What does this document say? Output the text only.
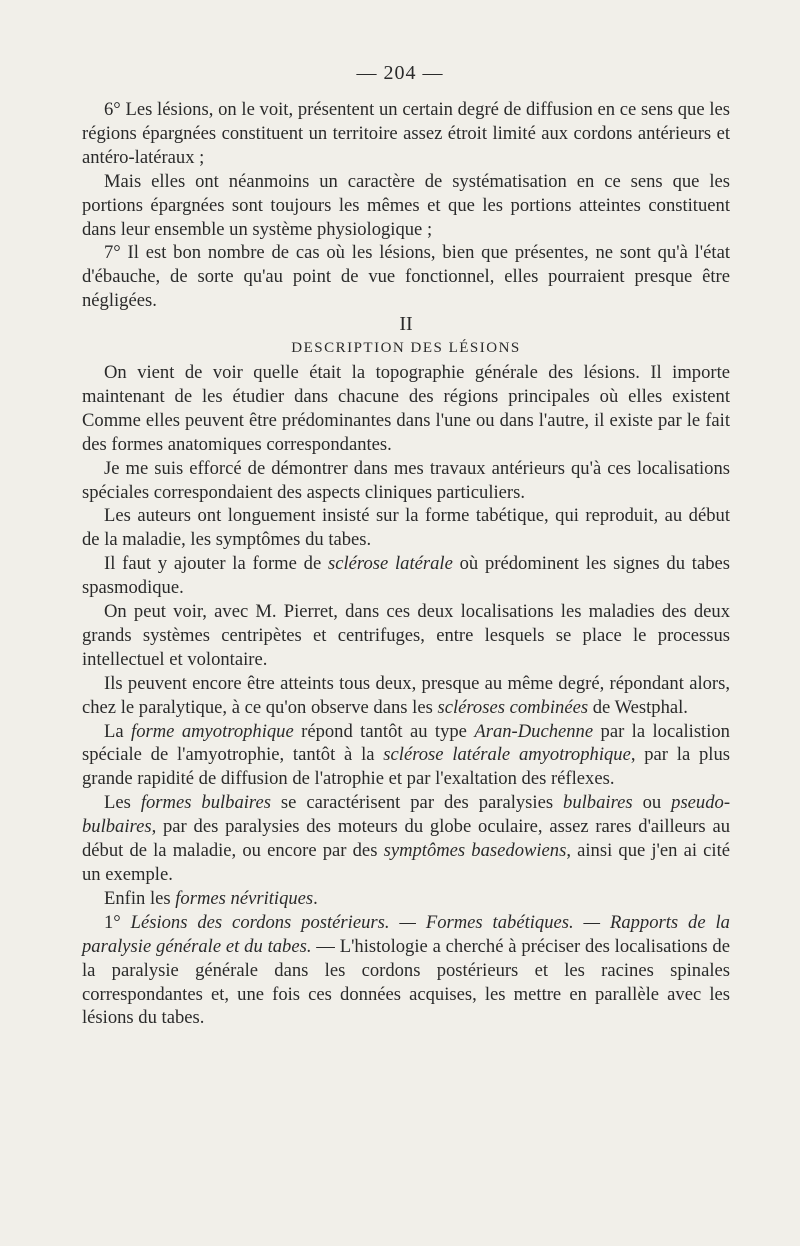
— 204 —

6° Les lésions, on le voit, présentent un certain degré de diffusion en ce sens que les régions épargnées constituent un territoire assez étroit limité aux cordons antérieurs et antéro-latéraux ;

Mais elles ont néanmoins un caractère de systématisation en ce sens que les portions épargnées sont toujours les mêmes et que les portions atteintes constituent dans leur ensemble un système physiologique ;

7° Il est bon nombre de cas où les lésions, bien que présentes, ne sont qu'à l'état d'ébauche, de sorte qu'au point de vue fonctionnel, elles pourraient presque être négligées.

II

DESCRIPTION DES LÉSIONS

On vient de voir quelle était la topographie générale des lésions. Il importe maintenant de les étudier dans chacune des régions principales où elles existent Comme elles peuvent être prédominantes dans l'une ou dans l'autre, il existe par le fait des formes anatomiques correspondantes.

Je me suis efforcé de démontrer dans mes travaux antérieurs qu'à ces localisations spéciales correspondaient des aspects cliniques particuliers.

Les auteurs ont longuement insisté sur la forme tabétique, qui reproduit, au début de la maladie, les symptômes du tabes.

Il faut y ajouter la forme de sclérose latérale où prédominent les signes du tabes spasmodique.

On peut voir, avec M. Pierret, dans ces deux localisations les maladies des deux grands systèmes centripètes et centrifuges, entre lesquels se place le processus intellectuel et volontaire.

Ils peuvent encore être atteints tous deux, presque au même degré, répondant alors, chez le paralytique, à ce qu'on observe dans les scléroses combinées de Westphal.

La forme amyotrophique répond tantôt au type Aran-Duchenne par la localistion spéciale de l'amyotrophie, tantôt à la sclérose latérale amyotrophique, par la plus grande rapidité de diffusion de l'atrophie et par l'exaltation des réflexes.

Les formes bulbaires se caractérisent par des paralysies bulbaires ou pseudo-bulbaires, par des paralysies des moteurs du globe oculaire, assez rares d'ailleurs au début de la maladie, ou encore par des symptômes basedowiens, ainsi que j'en ai cité un exemple.

Enfin les formes névritiques.

1° Lésions des cordons postérieurs. — Formes tabétiques. — Rapports de la paralysie générale et du tabes. — L'histologie a cherché à préciser des localisations de la paralysie générale dans les cordons postérieurs et les racines spinales correspondantes et, une fois ces données acquises, les mettre en parallèle avec les lésions du tabes.
